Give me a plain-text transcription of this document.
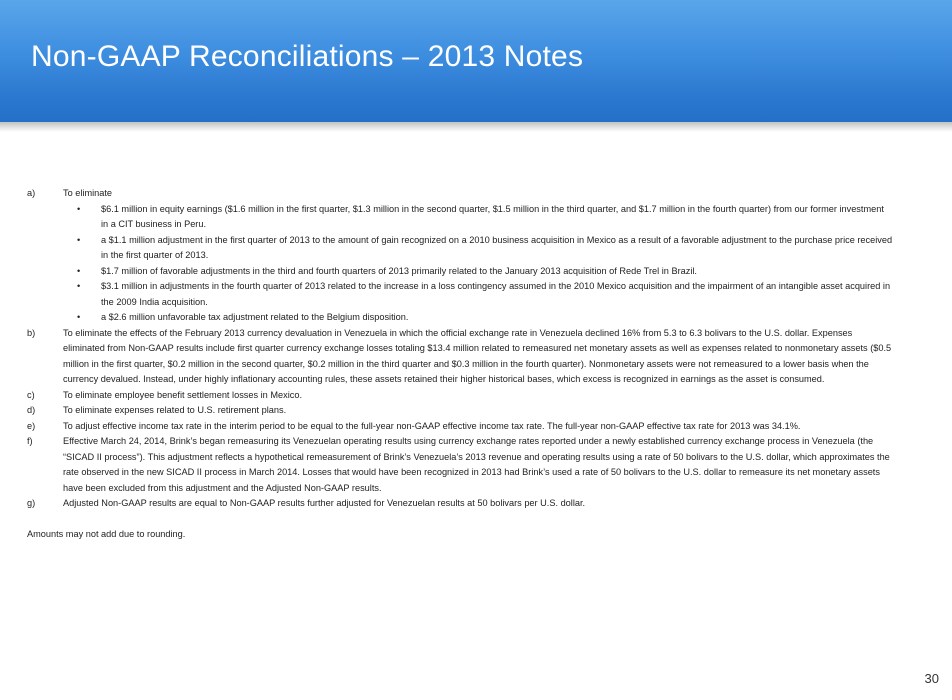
Non-GAAP Reconciliations – 2013 Notes
a)	To eliminate
•	$6.1 million in equity earnings ($1.6 million in the first quarter, $1.3 million in the second quarter, $1.5 million in the third quarter, and $1.7 million in the fourth quarter) from our former investment in a CIT business in Peru.
•	a $1.1 million adjustment in the first quarter of 2013 to the amount of gain recognized on a 2010 business acquisition in Mexico as a result of a favorable adjustment to the purchase price received in the first quarter of 2013.
•	$1.7 million of favorable adjustments in the third and fourth quarters of 2013 primarily related to the January 2013 acquisition of Rede Trel in Brazil.
•	$3.1 million in adjustments in the fourth quarter of 2013 related to the increase in a loss contingency assumed in the 2010 Mexico acquisition and the impairment of an intangible asset acquired in the 2009 India acquisition.
•	a $2.6 million unfavorable tax adjustment related to the Belgium disposition.
b)	To eliminate the effects of the February 2013 currency devaluation in Venezuela in which the official exchange rate in Venezuela declined 16% from 5.3 to 6.3 bolivars to the U.S. dollar. Expenses eliminated from Non-GAAP results include first quarter currency exchange losses totaling $13.4 million related to remeasured net monetary assets as well as expenses related to nonmonetary assets ($0.5 million in the first quarter, $0.2 million in the second quarter, $0.2 million in the third quarter and $0.3 million in the fourth quarter). Nonmonetary assets were not remeasured to a lower basis when the currency devalued. Instead, under highly inflationary accounting rules, these assets retained their higher historical bases, which excess is recognized in earnings as the asset is consumed.
c)	To eliminate employee benefit settlement losses in Mexico.
d)	To eliminate expenses related to U.S. retirement plans.
e)	To adjust effective income tax rate in the interim period to be equal to the full-year non-GAAP effective income tax rate. The full-year non-GAAP effective tax rate for 2013 was 34.1%.
f)	Effective March 24, 2014, Brink’s began remeasuring its Venezuelan operating results using currency exchange rates reported under a newly established currency exchange process in Venezuela (the “SICAD II process”). This adjustment reflects a hypothetical remeasurement of Brink’s Venezuela’s 2013 revenue and operating results using a rate of 50 bolivars to the U.S. dollar, which approximates the rate observed in the new SICAD II process in March 2014. Losses that would have been recognized in 2013 had Brink’s used a rate of 50 bolivars to the U.S. dollar to remeasure its net monetary assets have been excluded from this adjustment and the Adjusted Non-GAAP results.
g)	Adjusted Non-GAAP results are equal to Non-GAAP results further adjusted for Venezuelan results at 50 bolivars per U.S. dollar.
Amounts may not add due to rounding.
30
